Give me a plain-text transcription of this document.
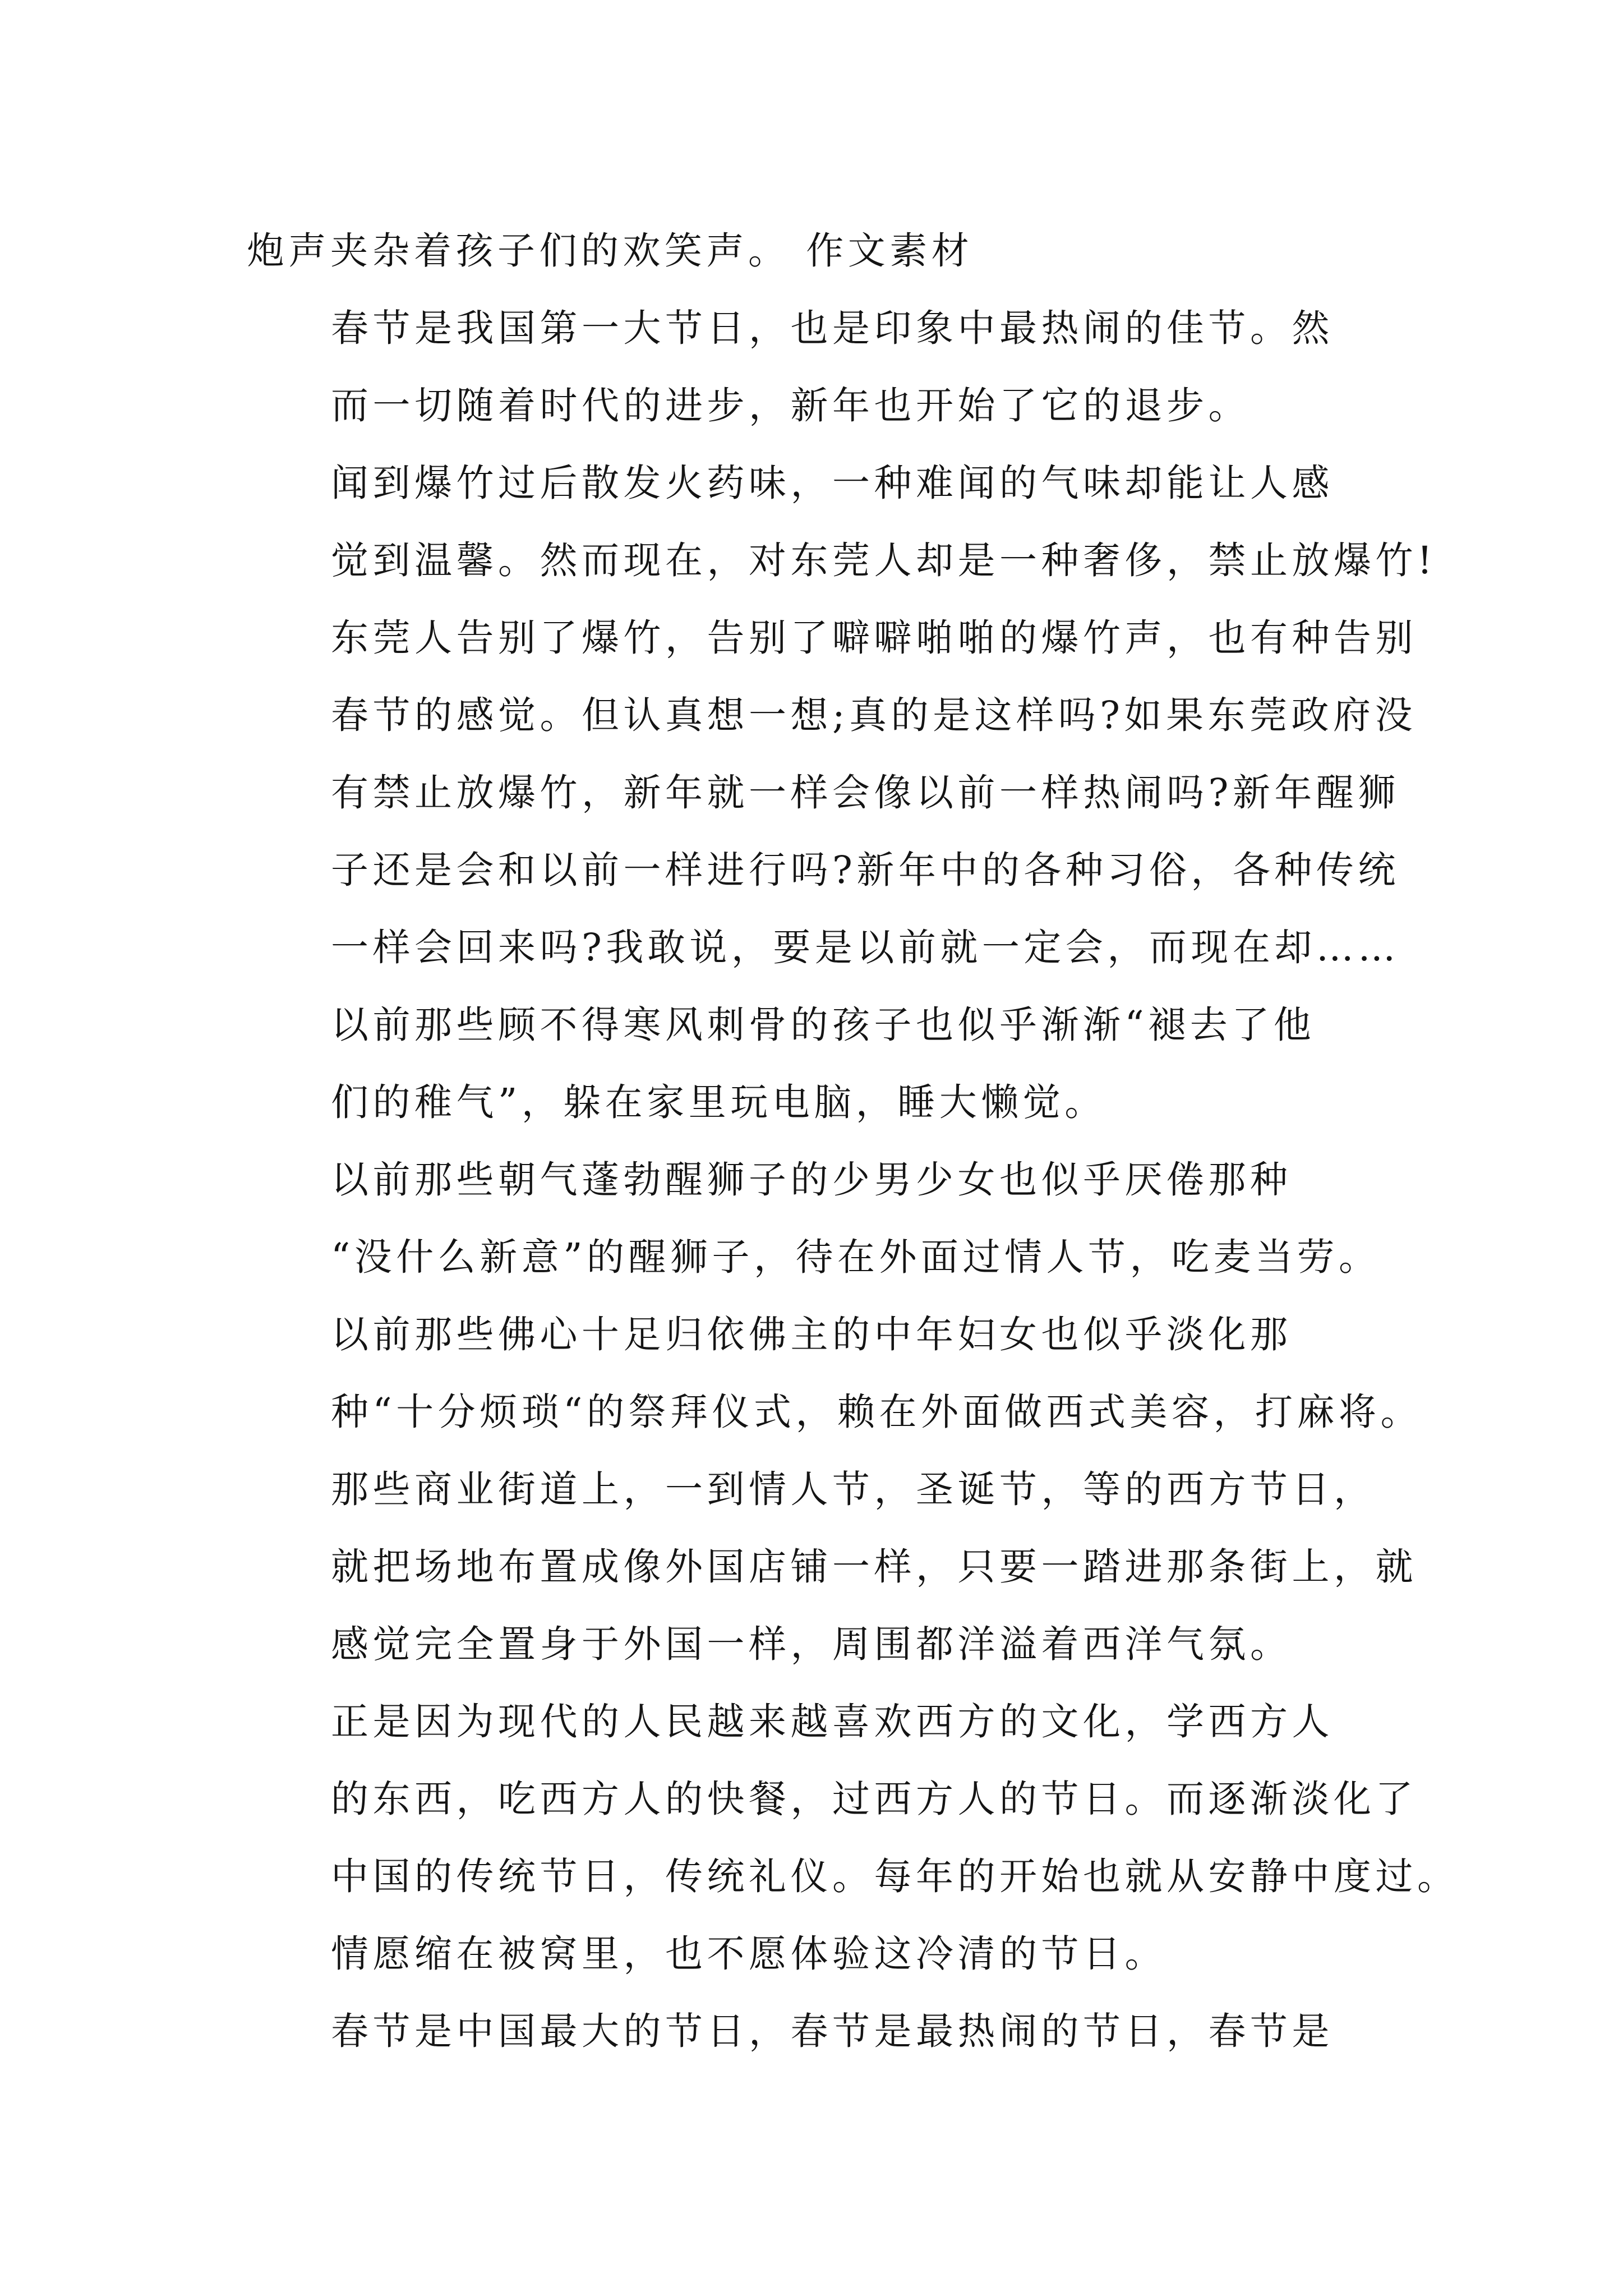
炮声夹杂着孩子们的欢笑声。 作文素材

春节是我国第一大节日，也是印象中最热闹的佳节。然
而一切随着时代的进步，新年也开始了它的退步。

闻到爆竹过后散发火药味，一种难闻的气味却能让人感
觉到温馨。然而现在，对东莞人却是一种奢侈，禁止放爆竹!
东莞人告别了爆竹，告别了噼噼啪啪的爆竹声，也有种告别
春节的感觉。但认真想一想;真的是这样吗?如果东莞政府没
有禁止放爆竹，新年就一样会像以前一样热闹吗?新年醒狮
子还是会和以前一样进行吗?新年中的各种习俗，各种传统
一样会回来吗?我敢说，要是以前就一定会，而现在却……

以前那些顾不得寒风刺骨的孩子也似乎渐渐“褪去了他
们的稚气”，躲在家里玩电脑，睡大懒觉。

以前那些朝气蓬勃醒狮子的少男少女也似乎厌倦那种
“没什么新意”的醒狮子，待在外面过情人节，吃麦当劳。

以前那些佛心十足归依佛主的中年妇女也似乎淡化那
种“十分烦琐“的祭拜仪式，赖在外面做西式美容，打麻将。

那些商业街道上，一到情人节，圣诞节，等的西方节日，
就把场地布置成像外国店铺一样，只要一踏进那条街上，就
感觉完全置身于外国一样，周围都洋溢着西洋气氛。

正是因为现代的人民越来越喜欢西方的文化，学西方人
的东西，吃西方人的快餐，过西方人的节日。而逐渐淡化了
中国的传统节日，传统礼仪。每年的开始也就从安静中度过。
情愿缩在被窝里，也不愿体验这冷清的节日。

春节是中国最大的节日，春节是最热闹的节日，春节是
